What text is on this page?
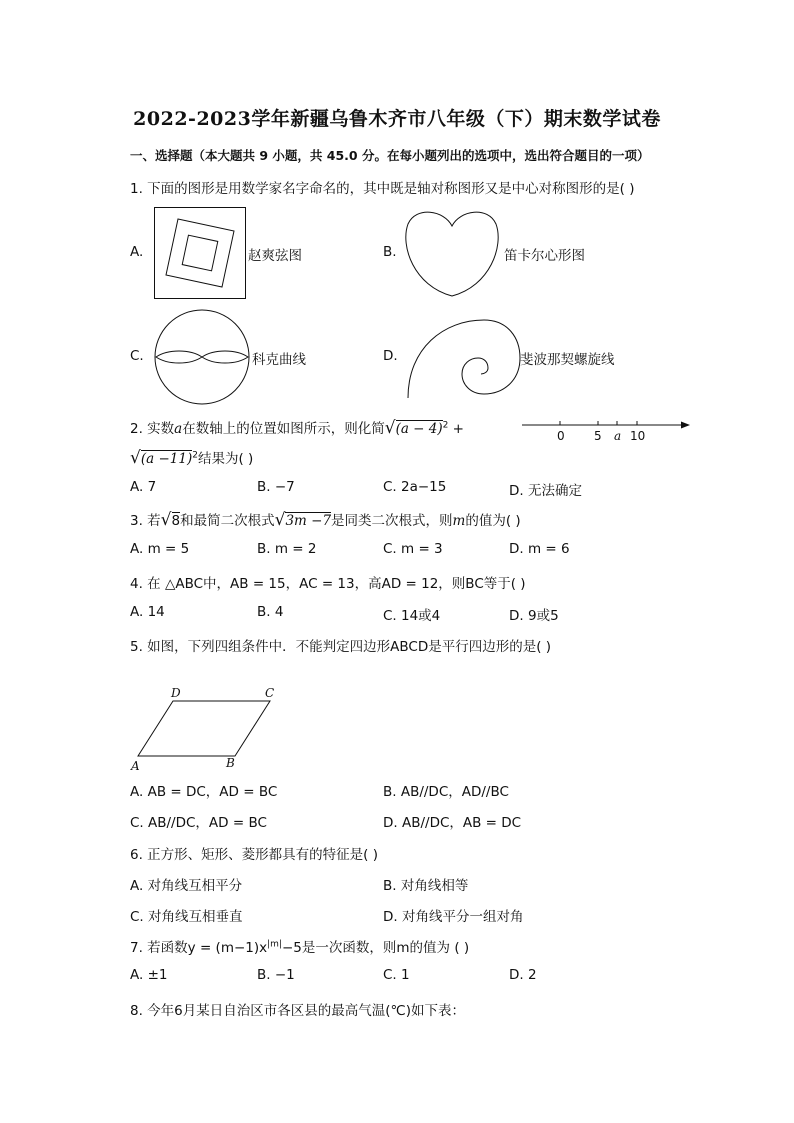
2022-2023学年新疆乌鲁木齐市八年级（下）期末数学试卷
一、选择题（本大题共 9 小题，共 45.0 分。在每小题列出的选项中，选出符合题目的一项）
1. 下面的图形是用数学家名字命名的，其中既是轴对称图形又是中心对称图形的是( )
A.	赵爽弦图	B.	笛卡尔心形图
C.	科克曲线	D.	斐波那契螺旋线
2. 实数a在数轴上的位置如图所示，则化简$√(a - 4)^2$ +
$√(a -11)^2$结果为( )
0 5 a 10
A. 7	B. −7	C. 2a−15	D. 无法确定
3. 若√8和最简二次根式√3m −7是同类二次根式，则m的值为( )
A. m = 5	B. m = 2	C. m = 3	D. m = 6
4. 在 △ABC中，AB = 15，AC = 13，高AD = 12，则BC等于( )
A. 14	B. 4	C. 14或4	D. 9或5
5. 如图，下列四组条件中．不能判定四边形ABCD是平行四边形的是( )
D	C
A	B
A. AB = DC，AD = BC	B. AB//DC，AD//BC
C. AB//DC，AD = BC	D. AB//DC，AB = DC
6. 正方形、矩形、菱形都具有的特征是( )
A. 对角线互相平分	B. 对角线相等
C. 对角线互相垂直	D. 对角线平分一组对角
7. 若函数$y = (m-1)x^{|m|}-5$是一次函数，则m的值为 ( )
A. ±1	B. −1	C. 1	D. 2
8. 今年6月某日自治区市各区县的最高气温(℃)如下表：
